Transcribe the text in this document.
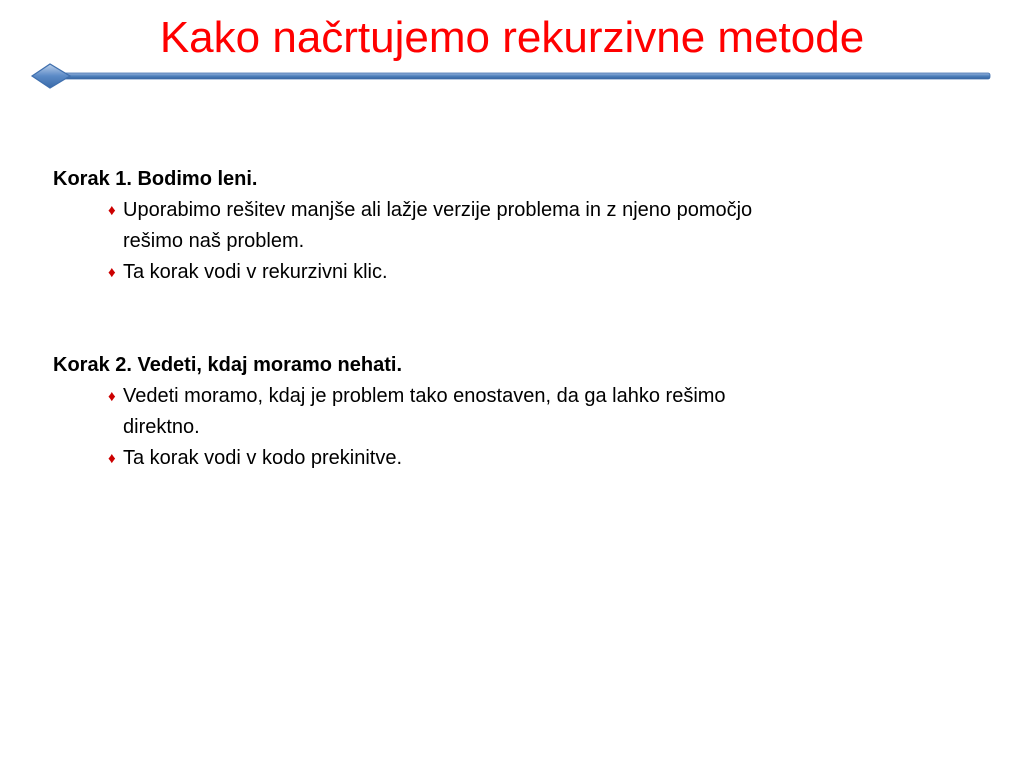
Kako načrtujemo rekurzivne metode
Korak 1. Bodimo leni.
♦ Uporabimo rešitev manjše ali lažje verzije problema in z njeno pomočjo rešimo naš problem.
♦ Ta korak vodi v rekurzivni klic.
Korak 2. Vedeti, kdaj moramo nehati.
♦ Vedeti moramo, kdaj je problem tako enostaven, da ga lahko rešimo direktno.
♦ Ta korak vodi v kodo prekinitve.
